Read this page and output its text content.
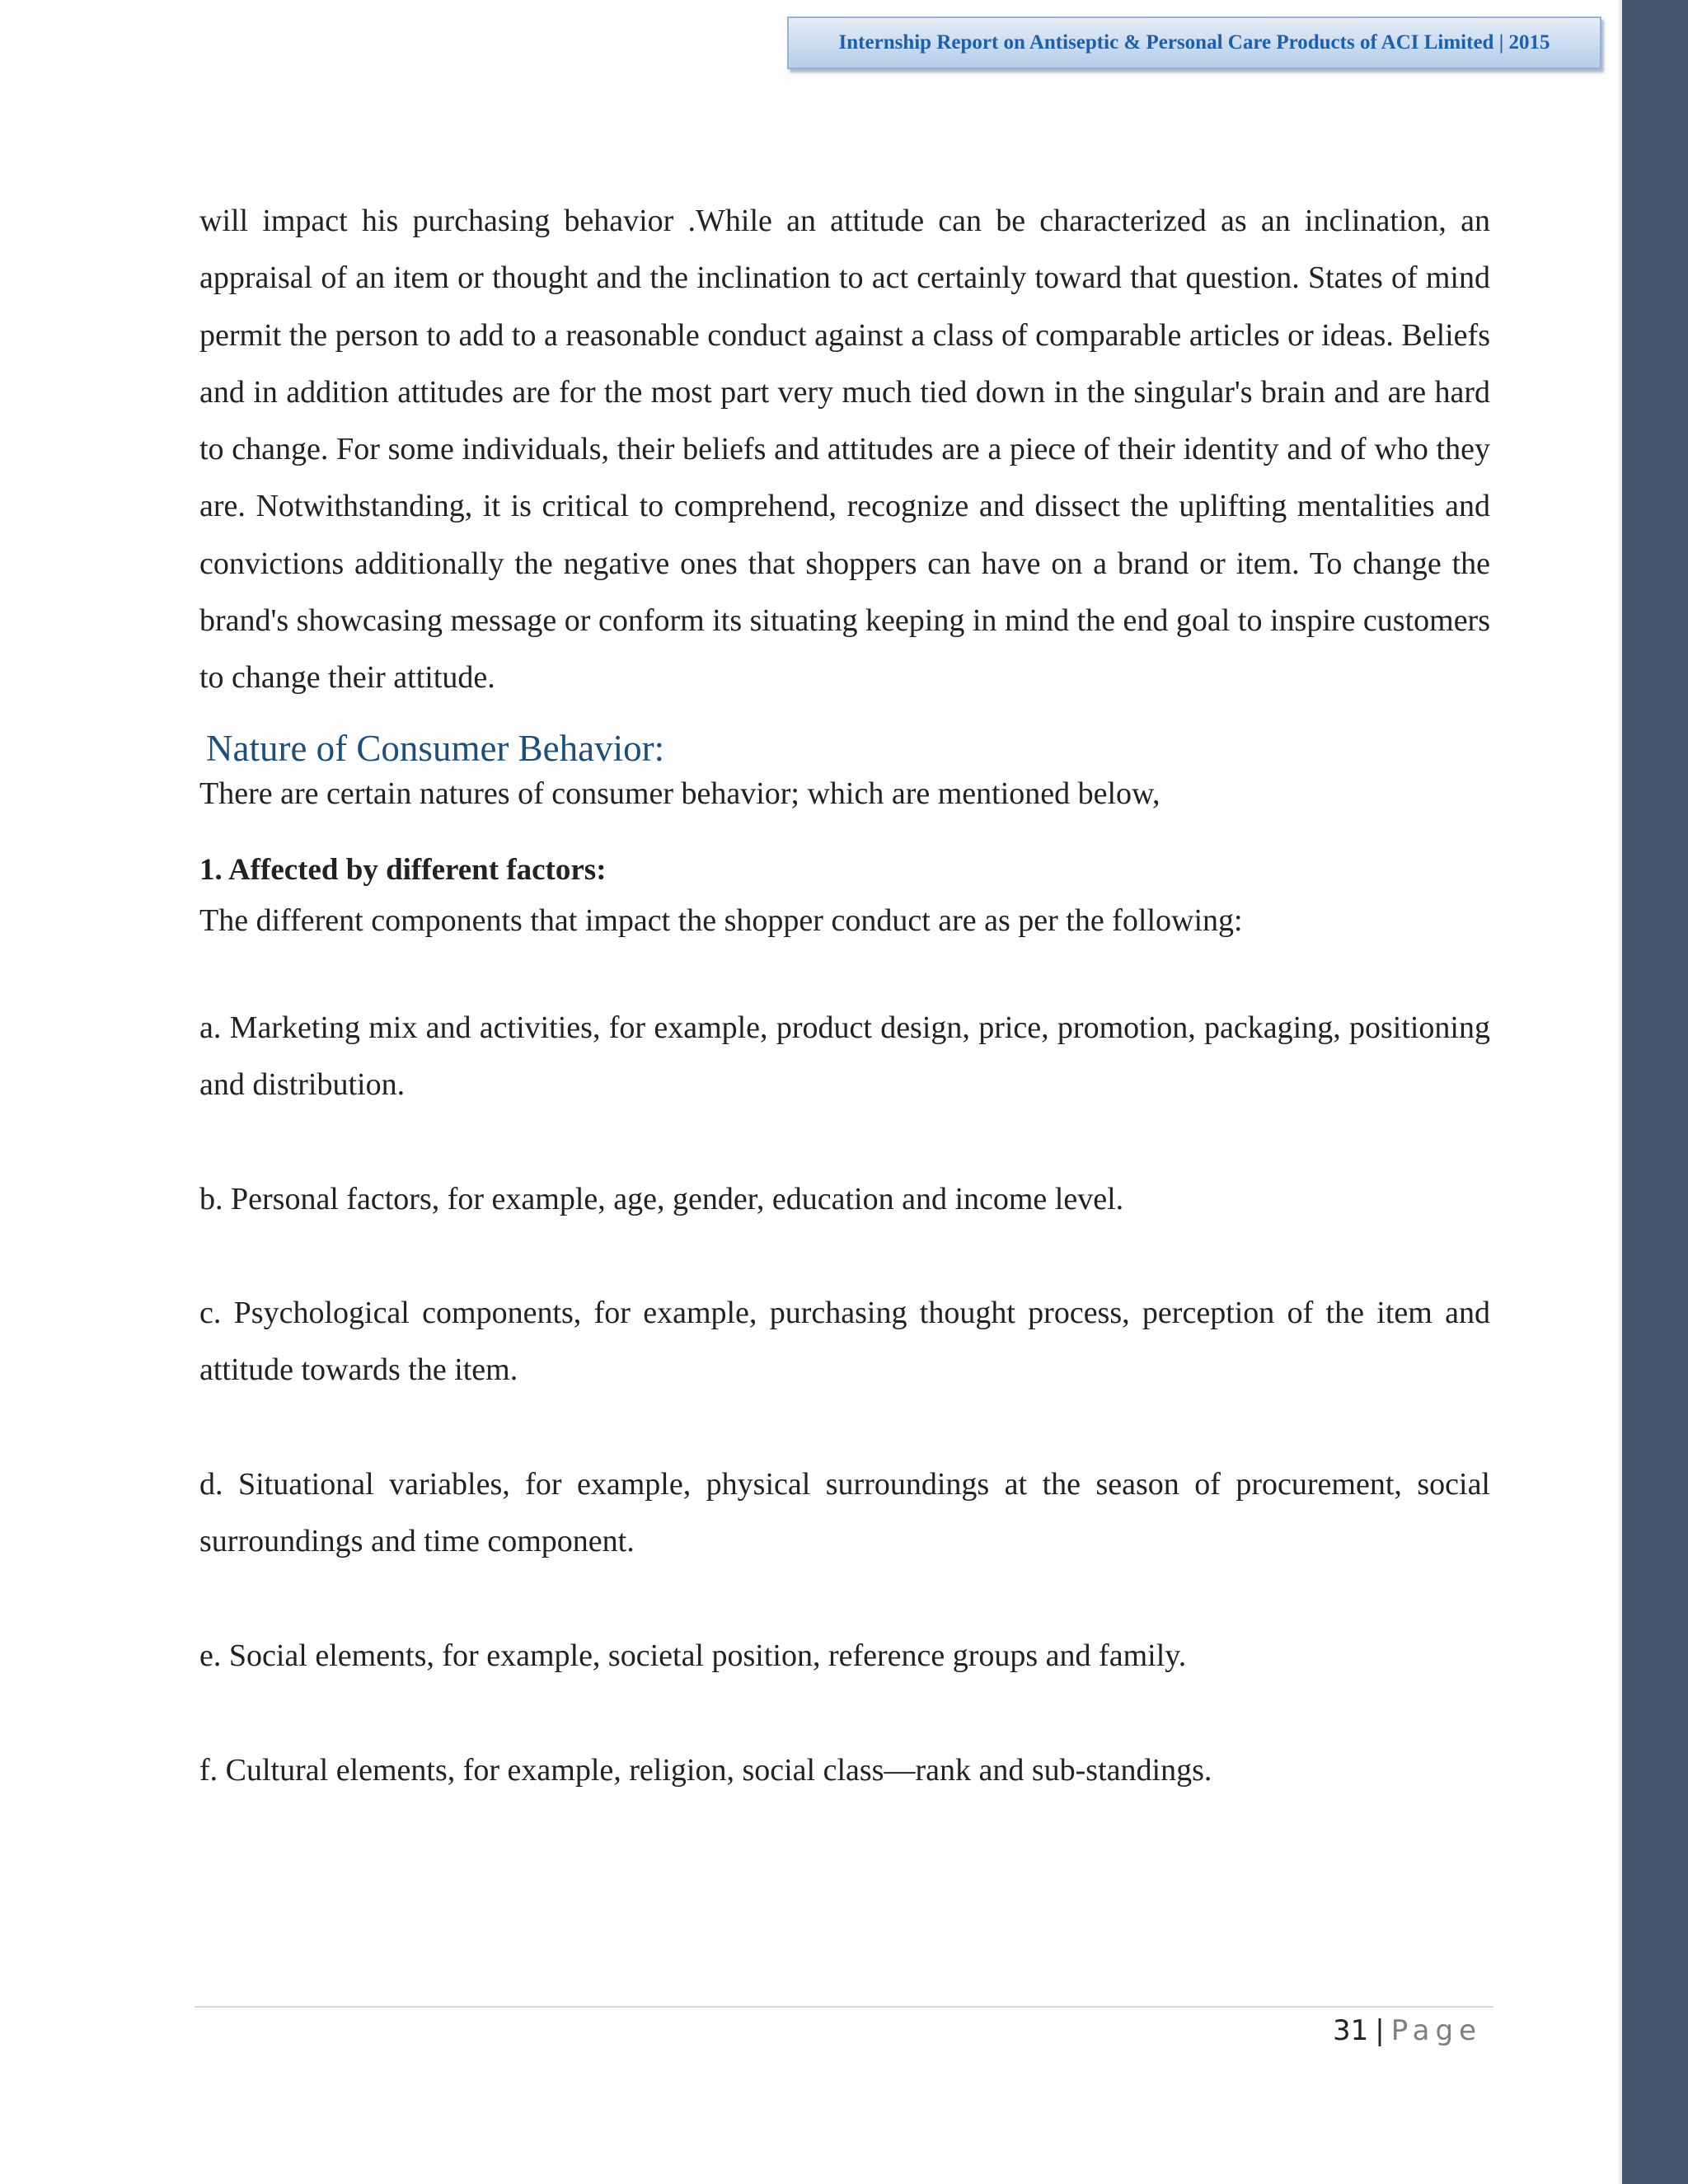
Internship Report on Antiseptic & Personal Care Products of ACI Limited | 2015

will impact his purchasing behavior .While an attitude can be characterized as an inclination, an appraisal of an item or thought and the inclination to act certainly toward that question. States of mind permit the person to add to a reasonable conduct against a class of comparable articles or ideas. Beliefs and in addition attitudes are for the most part very much tied down in the singular's brain and are hard to change. For some individuals, their beliefs and attitudes are a piece of their identity and of who they are. Notwithstanding, it is critical to comprehend, recognize and dissect the uplifting mentalities and convictions additionally the negative ones that shoppers can have on a brand or item. To change the brand's showcasing message or conform its situating keeping in mind the end goal to inspire customers to change their attitude.

Nature of Consumer Behavior:

There are certain natures of consumer behavior; which are mentioned below,

1. Affected by different factors:

The different components that impact the shopper conduct are as per the following:

a. Marketing mix and activities, for example, product design, price, promotion, packaging, positioning and distribution.

b. Personal factors, for example, age, gender, education and income level.

c. Psychological components, for example, purchasing thought process, perception of the item and attitude towards the item.

d. Situational variables, for example, physical surroundings at the season of procurement, social surroundings and time component.

e. Social elements, for example, societal position, reference groups and family.

f. Cultural elements, for example, religion, social class—rank and sub-standings.

31 | Page
